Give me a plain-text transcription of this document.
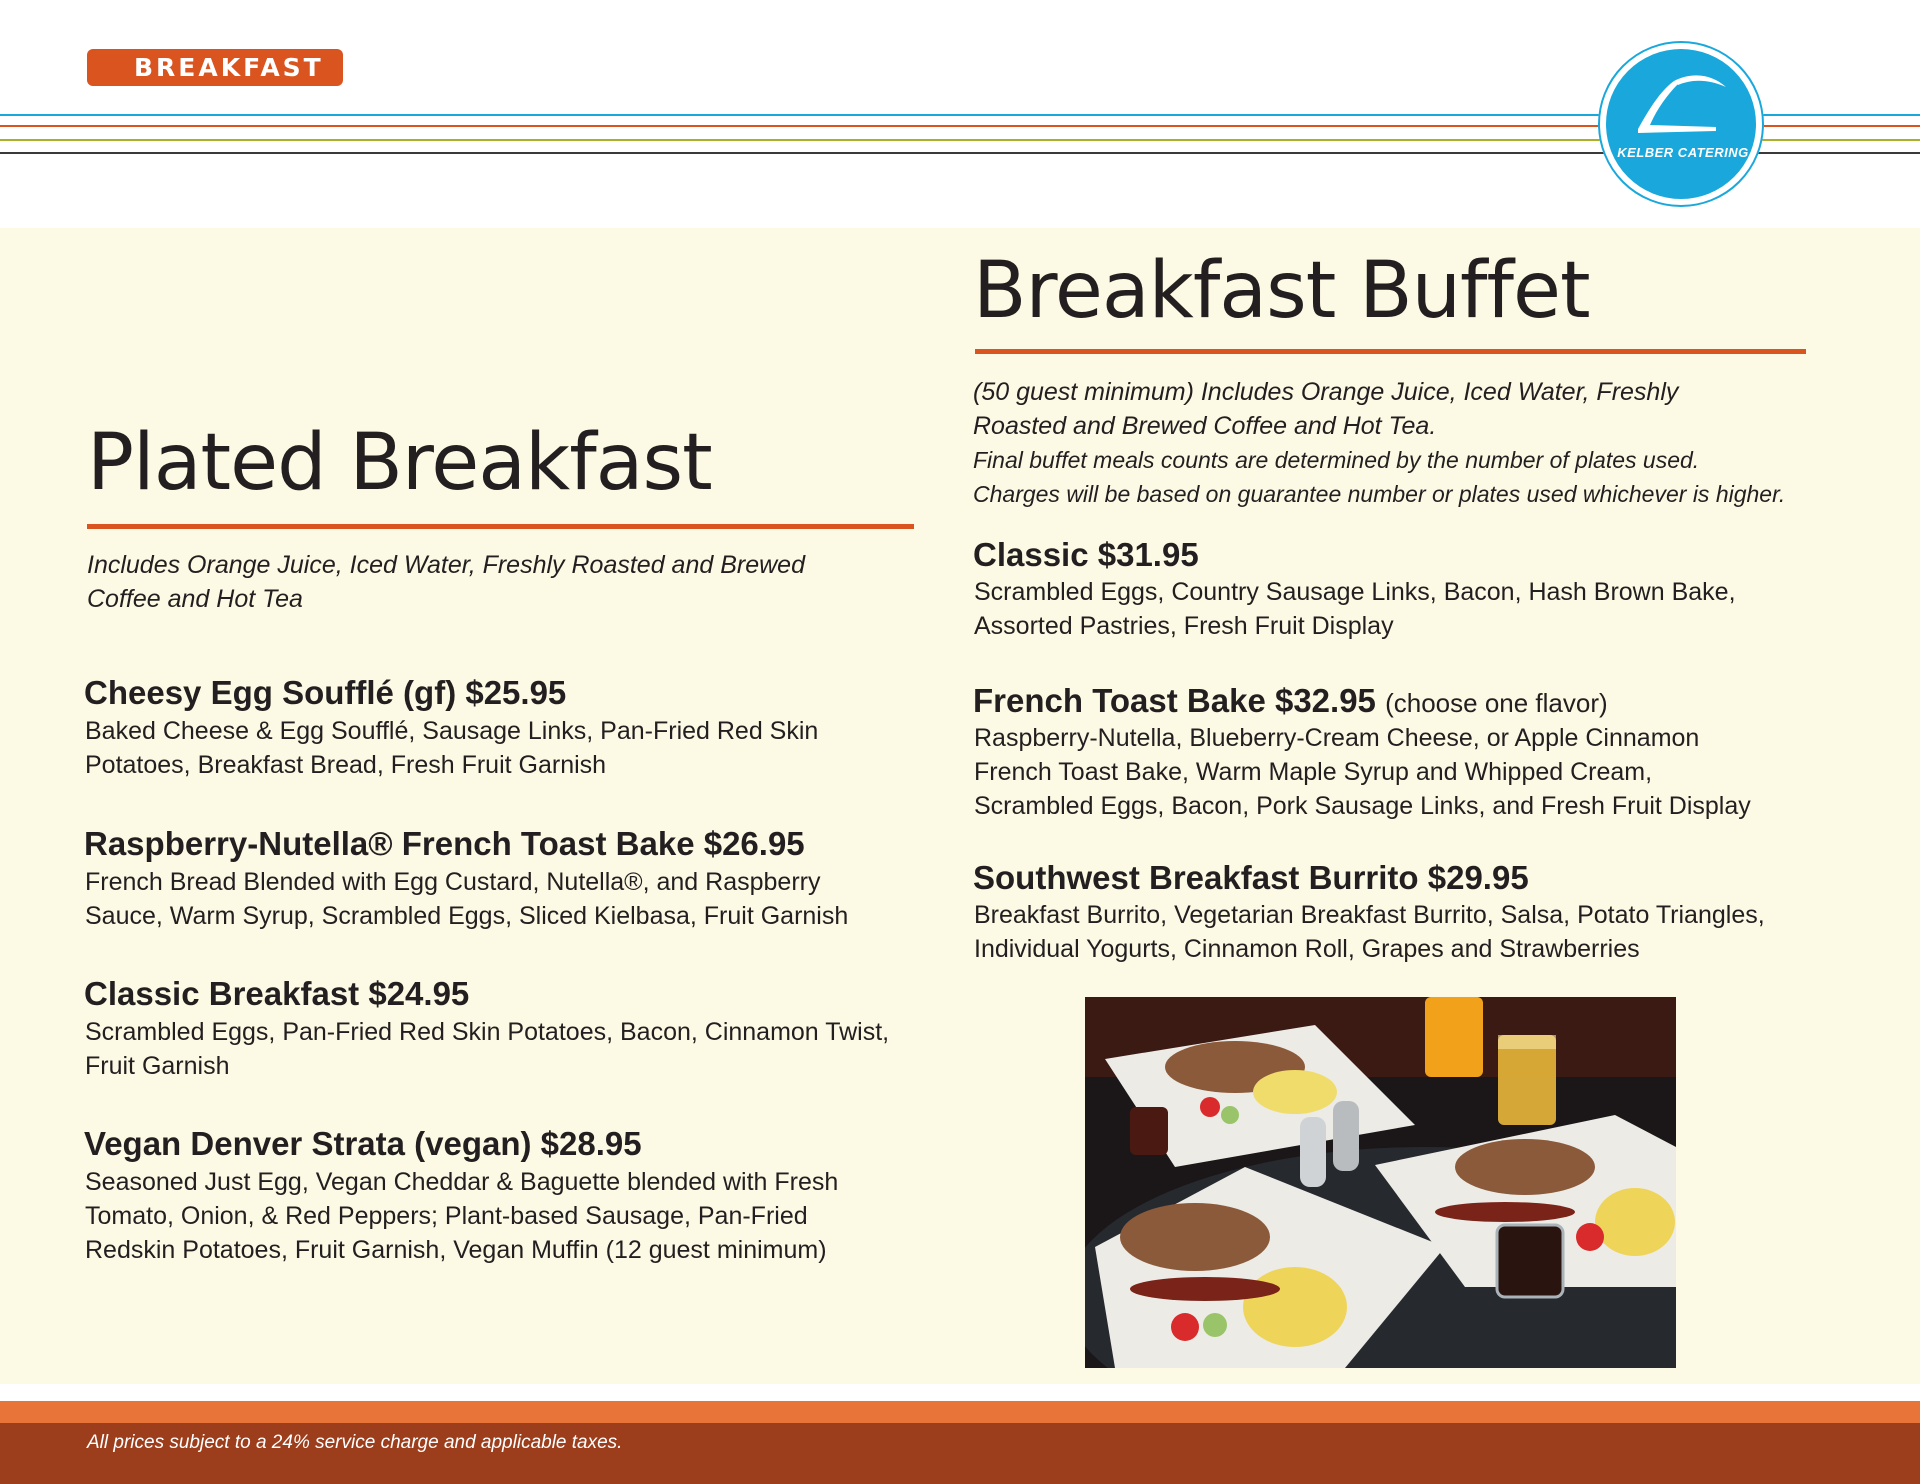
BREAKFAST
KELBER CATERING
Plated Breakfast
Includes Orange Juice, Iced Water, Freshly Roasted and Brewed
Coffee and Hot Tea
Cheesy Egg Soufflé (gf) $25.95
Baked Cheese & Egg Soufflé, Sausage Links, Pan-Fried Red Skin
Potatoes, Breakfast Bread, Fresh Fruit Garnish
Raspberry-Nutella® French Toast Bake $26.95
French Bread Blended with Egg Custard, Nutella®, and Raspberry
Sauce, Warm Syrup, Scrambled Eggs, Sliced Kielbasa, Fruit Garnish
Classic Breakfast $24.95
Scrambled Eggs, Pan-Fried Red Skin Potatoes, Bacon, Cinnamon Twist,
Fruit Garnish
Vegan Denver Strata (vegan) $28.95
Seasoned Just Egg, Vegan Cheddar & Baguette blended with Fresh
Tomato, Onion, & Red Peppers; Plant-based Sausage, Pan-Fried
Redskin Potatoes, Fruit Garnish, Vegan Muffin (12 guest minimum)
Breakfast Buffet
(50 guest minimum) Includes Orange Juice, Iced Water, Freshly
Roasted and Brewed Coffee and Hot Tea.
Final buffet meals counts are determined by the number of plates used.
Charges will be based on guarantee number or plates used whichever is higher.
Classic $31.95
Scrambled Eggs, Country Sausage Links, Bacon, Hash Brown Bake,
Assorted Pastries, Fresh Fruit Display
French Toast Bake $32.95 (choose one flavor)
Raspberry-Nutella, Blueberry-Cream Cheese, or Apple Cinnamon
French Toast Bake, Warm Maple Syrup and Whipped Cream,
Scrambled Eggs, Bacon, Pork Sausage Links, and Fresh Fruit Display
Southwest Breakfast Burrito $29.95
Breakfast Burrito, Vegetarian Breakfast Burrito, Salsa, Potato Triangles,
Individual Yogurts, Cinnamon Roll, Grapes and Strawberries
All prices subject to a 24% service charge and applicable taxes.
